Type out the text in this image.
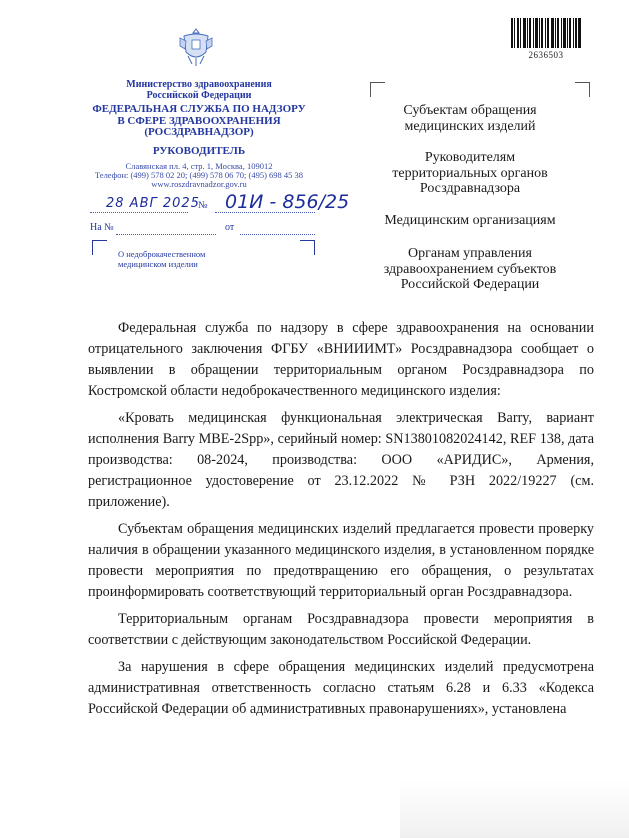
2636503
Министерство здравоохранения
Российской Федерации
ФЕДЕРАЛЬНАЯ СЛУЖБА ПО НАДЗОРУ
В СФЕРЕ ЗДРАВООХРАНЕНИЯ
(РОСЗДРАВНАДЗОР)
РУКОВОДИТЕЛЬ
Славянская пл. 4, стр. 1, Москва, 109012
Телефон: (499) 578 02 20; (499) 578 06 70; (495) 698 45 38
www.roszdravnadzor.gov.ru
№
28 АВГ 2025 01И - 856/25
На №	от
О недоброкачественном
медицинском изделии
Субъектам обращения
медицинских изделий
Руководителям
территориальных органов
Росздравнадзора
Медицинским организациям
Органам управления
здравоохранением субъектов
Российской Федерации

Федеральная служба по надзору в сфере здравоохранения на основании отрицательного заключения ФГБУ «ВНИИИМТ» Росздравнадзора сообщает о выявлении в обращении территориальным органом Росздравнадзора по Костромской области недоброкачественного медицинского изделия:

«Кровать медицинская функциональная электрическая Barry, вариант исполнения Barry MBE-2Spp», серийный номер: SN13801082024142, REF 138, дата производства: 08-2024, производства: ООО «АРИДИС», Армения, регистрационное удостоверение от 23.12.2022 № РЗН 2022/19227 (см. приложение).

Субъектам обращения медицинских изделий предлагается провести проверку наличия в обращении указанного медицинского изделия, в установленном порядке провести мероприятия по предотвращению его обращения, о результатах проинформировать соответствующий территориальный орган Росздравнадзора.

Территориальным органам Росздравнадзора провести мероприятия в соответствии с действующим законодательством Российской Федерации.

За нарушения в сфере обращения медицинских изделий предусмотрена административная ответственность согласно статьям 6.28 и 6.33 «Кодекса Российской Федерации об административных правонарушениях», установлена
